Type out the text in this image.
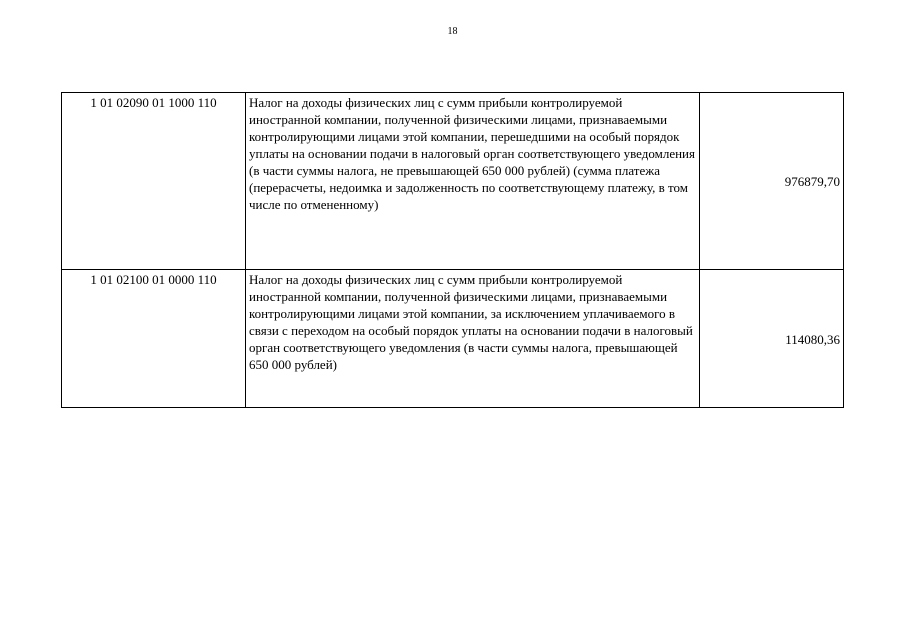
18
1 01 02090 01 1000 110	Налог на доходы физических лиц с сумм прибыли контролируемой иностранной компании, полученной физическими лицами, признаваемыми контролирующими лицами этой компании, перешедшими на особый порядок уплаты на основании подачи в налоговый орган соответствующего уведомления (в части суммы налога, не превышающей 650 000 рублей) (сумма платежа (перерасчеты, недоимка и задолженность по соответствующему платежу, в том числе по отмененному)	976879,70
1 01 02100 01 0000 110	Налог на доходы физических лиц с сумм прибыли контролируемой иностранной компании, полученной физическими лицами, признаваемыми контролирующими лицами этой компании, за исключением уплачиваемого в связи с переходом на особый порядок уплаты на основании подачи в налоговый орган соответствующего уведомления (в части суммы налога, превышающей 650 000 рублей)	114080,36
